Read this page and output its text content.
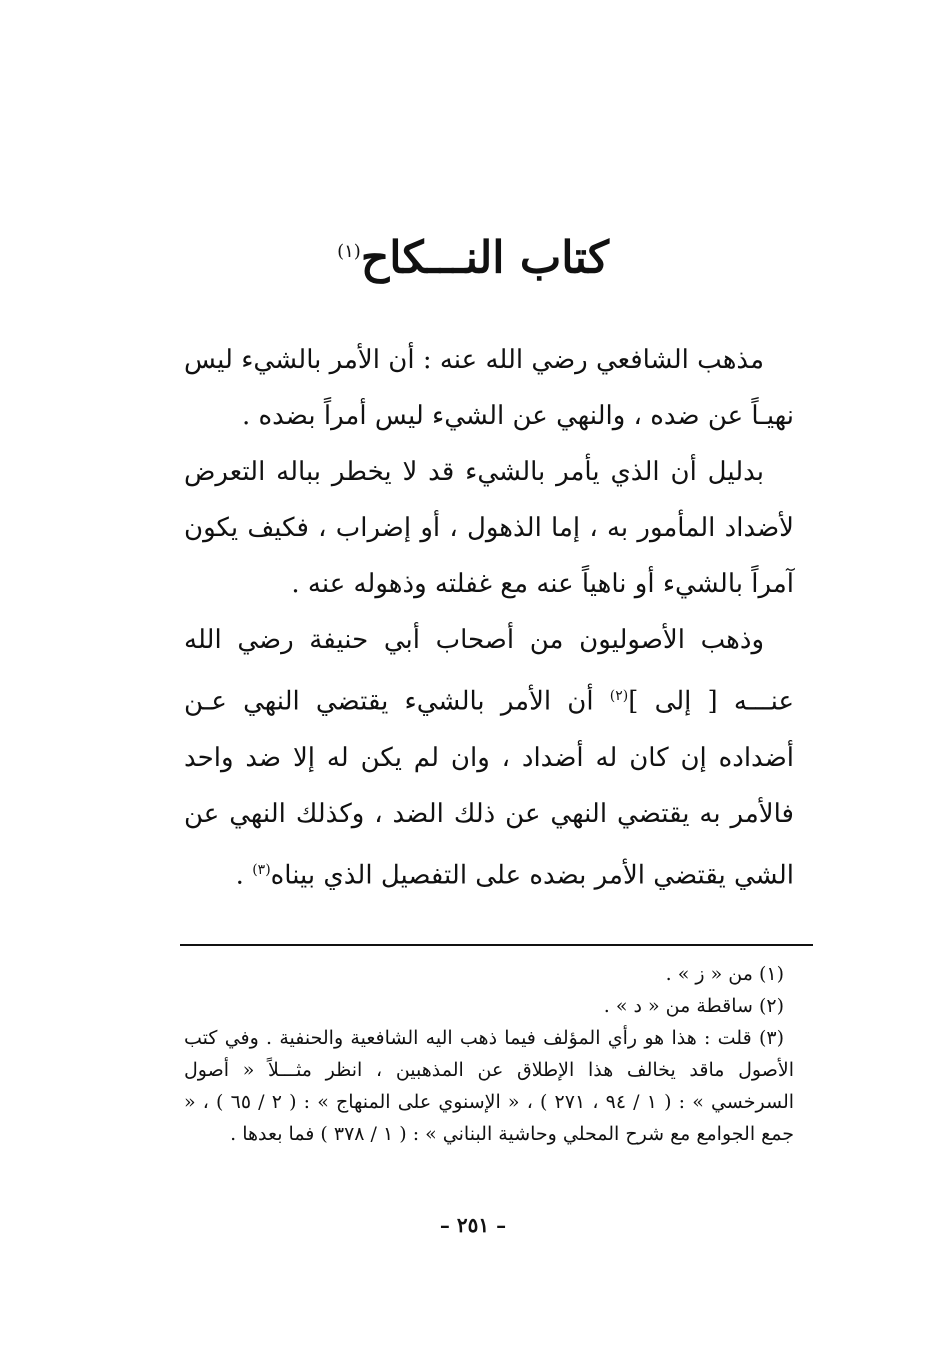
كتاب النـــكاح$^{(١)}$

مذهب الشافعي رضي الله عنه : أن الأمر بالشيء ليس نهيـاً عن ضده ، والنهي عن الشيء ليس أمراً بضده .

بدليل أن الذي يأمر بالشيء قد لا يخطر بباله التعرض لأضداد المأمور به ، إما الذهول ، أو إضراب ، فكيف يكون آمراً بالشيء أو ناهياً عنه مع غفلته وذهوله عنه .

وذهب الأصوليون من أصحاب أبي حنيفة رضي الله عنـــه [ إلى ]$^{(٢)}$ أن الأمر بالشيء يقتضي النهي عـن أضداده إن كان له أضداد ، وان لم يكن له إلا ضد واحد فالأمر به يقتضي النهي عن ذلك الضد ، وكذلك النهي عن الشي يقتضي الأمر بضده على التفصيل الذي بيناه$^{(٣)}$ .

(١) من « ز » .

(٢) ساقطة من « د » .

(٣) قلت : هذا هو رأي المؤلف فيما ذهب اليه الشافعية والحنفية . وفي كتب الأصول ماقد يخالف هذا الإطلاق عن المذهبين ، انظر مثـــلاً « أصول السرخسي » : ( ١ / ٩٤ ، ٢٧١ ) ، « الإسنوي على المنهاج » : ( ٢ / ٦٥ ) ، « جمع الجوامع مع شرح المحلي وحاشية البناني » : ( ١ / ٣٧٨ ) فما بعدها .

– ٢٥١ –
